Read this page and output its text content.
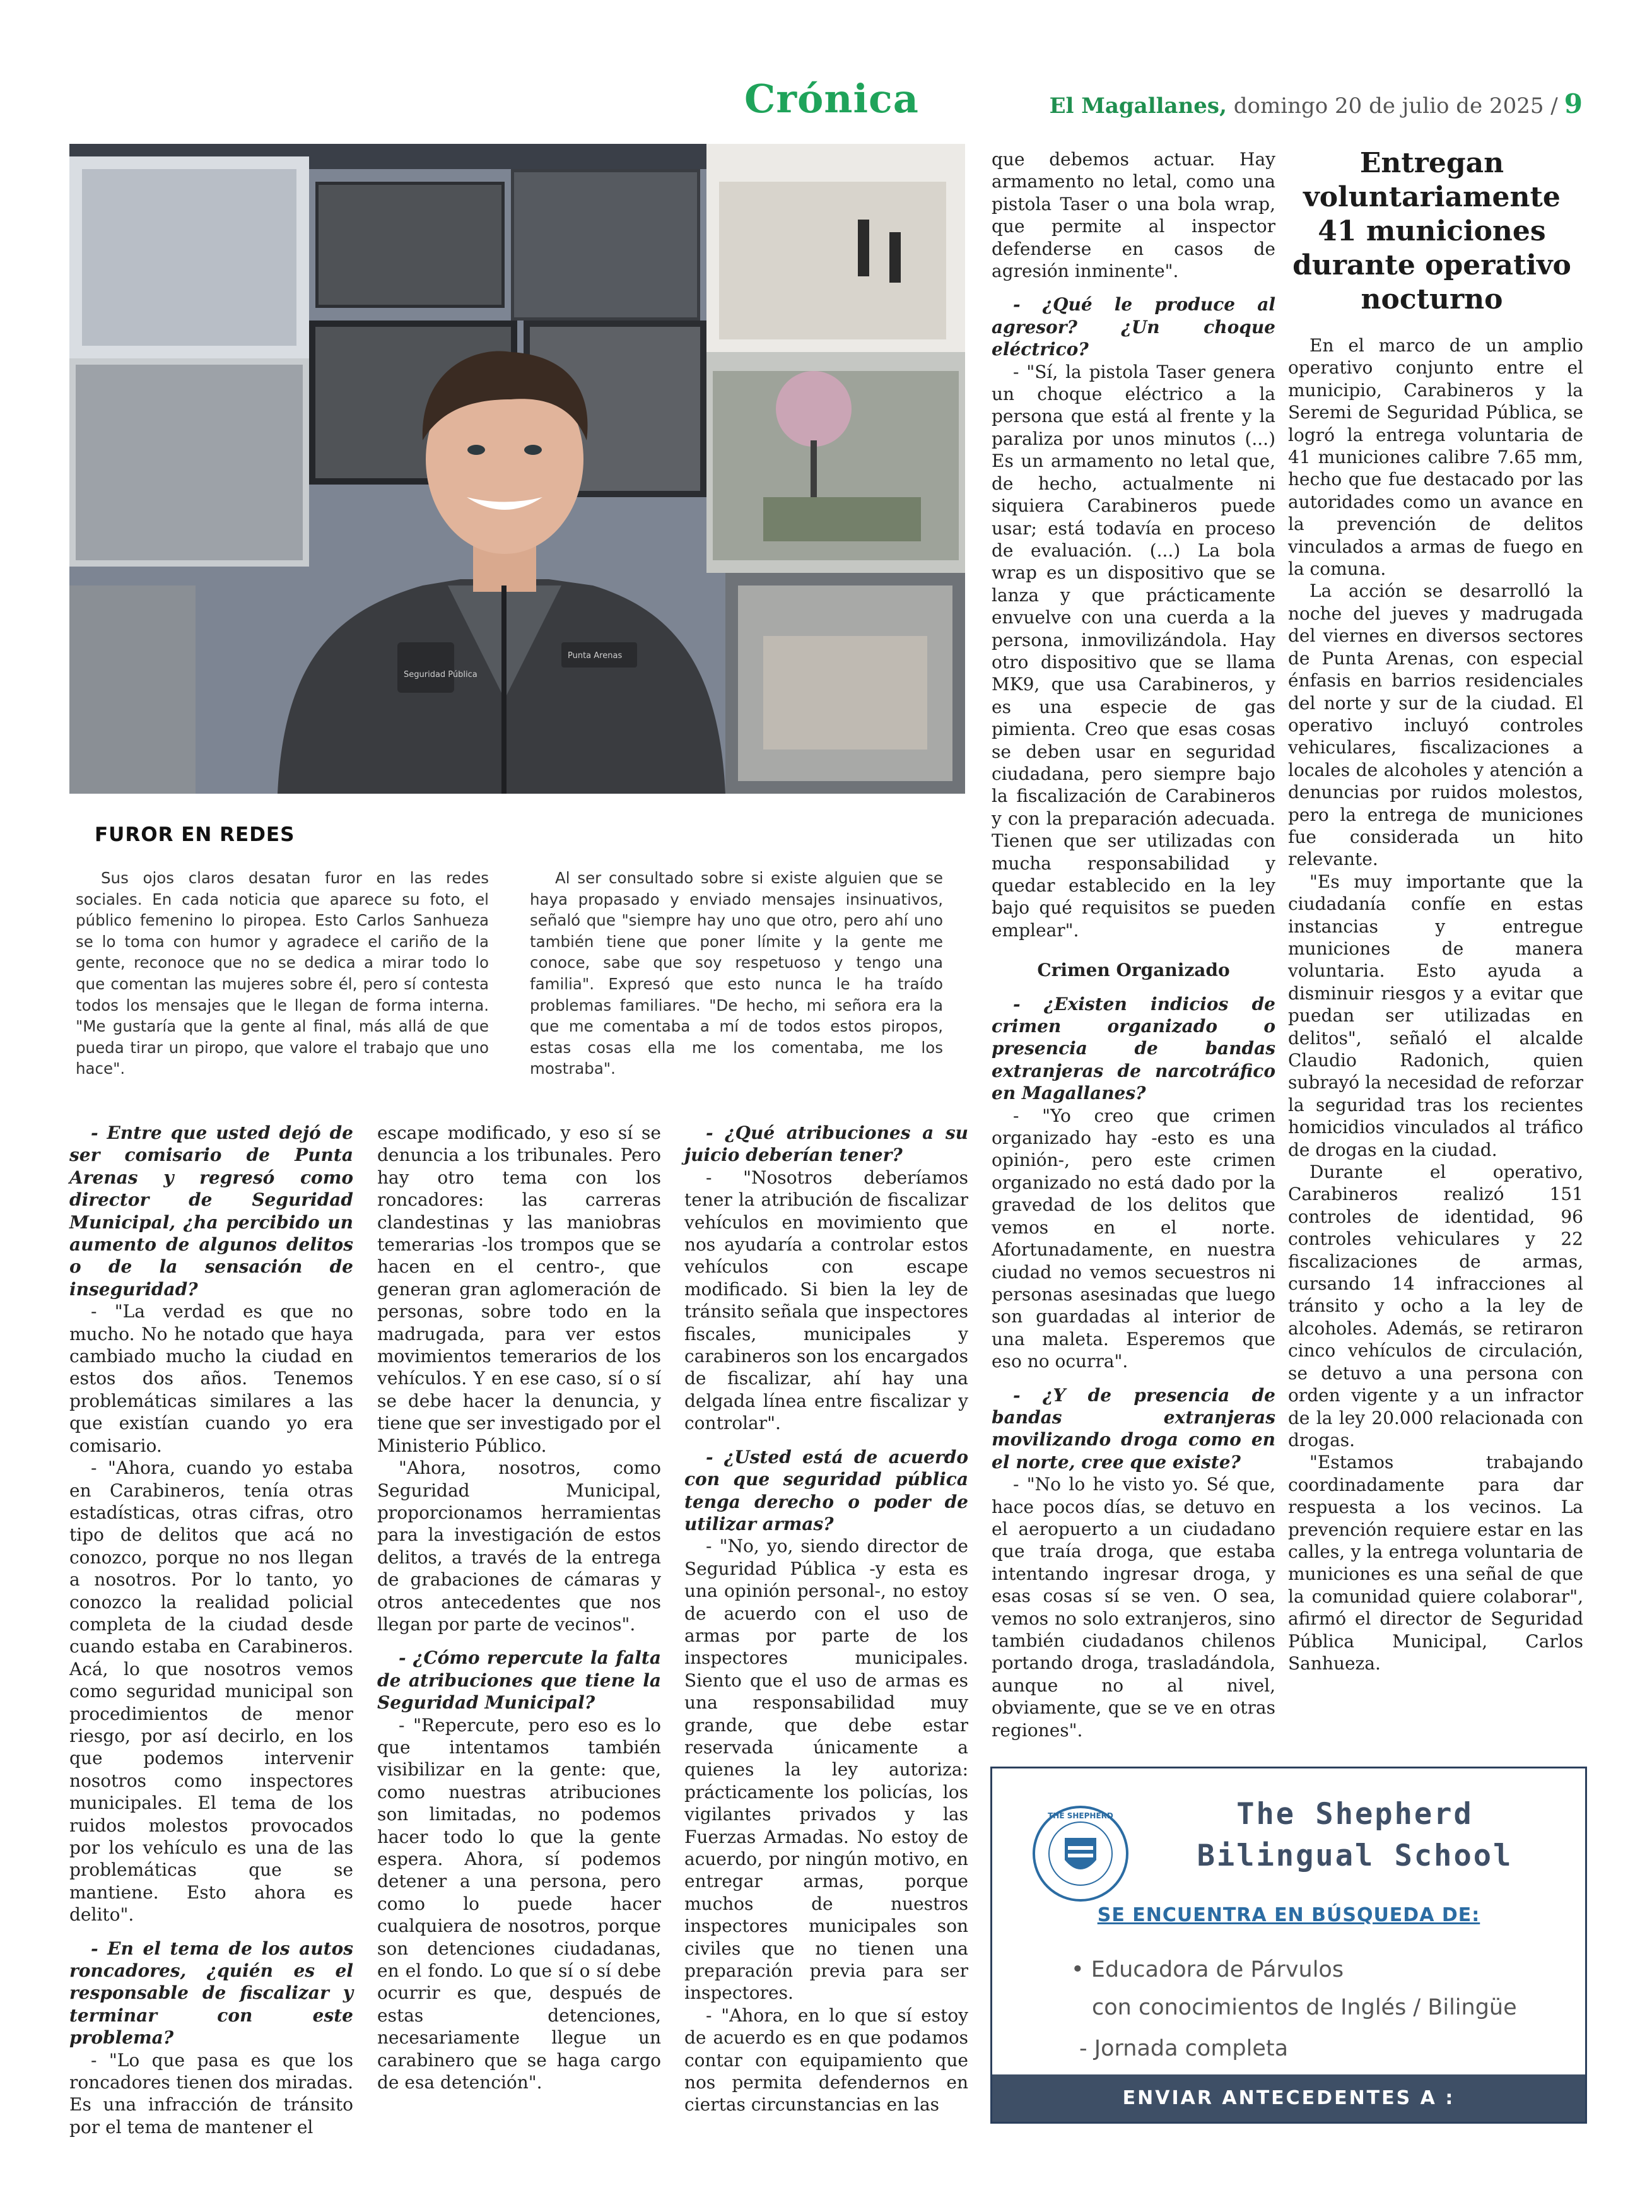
Crónica	El Magallanes, domingo 20 de julio de 2025 / 9
Seguridad Pública
Punta Arenas
FUROR EN REDES

Sus ojos claros desatan furor en las redes sociales. En cada noticia que aparece su foto, el público femenino lo piropea. Esto Carlos Sanhueza se lo toma con humor y agradece el cariño de la gente, reconoce que no se dedica a mirar todo lo que comentan las mujeres sobre él, pero sí contesta todos los mensajes que le llegan de forma interna. "Me gustaría que la gente al final, más allá de que pueda tirar un piropo, que valore el trabajo que uno hace".

Al ser consultado sobre si existe alguien que se haya propasado y enviado mensajes insinuativos, señaló que "siempre hay uno que otro, pero ahí uno también tiene que poner límite y la gente me conoce, sabe que soy respetuoso y tengo una familia". Expresó que esto nunca le ha traído problemas familiares. "De hecho, mi señora era la que me comentaba a mí de todos estos piropos, estas cosas ella me los comentaba, me los mostraba".

- Entre que usted dejó de ser comisario de Punta Arenas y regresó como director de Seguridad Municipal, ¿ha percibido un aumento de algunos delitos o de la sensación de inseguridad?

- "La verdad es que no mucho. No he notado que haya cambiado mucho la ciudad en estos dos años. Tenemos problemáticas similares a las que existían cuando yo era comisario.

- "Ahora, cuando yo estaba en Carabineros, tenía otras estadísticas, otras cifras, otro tipo de delitos que acá no conozco, porque no nos llegan a nosotros. Por lo tanto, yo conozco la realidad policial completa de la ciudad desde cuando estaba en Carabineros. Acá, lo que nosotros vemos como seguridad municipal son procedimientos de menor riesgo, por así decirlo, en los que podemos intervenir nosotros como inspectores municipales. El tema de los ruidos molestos provocados por los vehículo es una de las problemáticas que se mantiene. Esto ahora es delito".

- En el tema de los autos roncadores, ¿quién es el responsable de fiscalizar y terminar con este problema?

- "Lo que pasa es que los roncadores tienen dos miradas. Es una infracción de tránsito por el tema de mantener el

escape modificado, y eso sí se denuncia a los tribunales. Pero hay otro tema con los roncadores: las carreras clandestinas y las maniobras temerarias -los trompos que se hacen en el centro-, que generan gran aglomeración de personas, sobre todo en la madrugada, para ver estos movimientos temerarios de los vehículos. Y en ese caso, sí o sí se debe hacer la denuncia, y tiene que ser investigado por el Ministerio Público.

"Ahora, nosotros, como Seguridad Municipal, proporcionamos herramientas para la investigación de estos delitos, a través de la entrega de grabaciones de cámaras y otros antecedentes que nos llegan por parte de vecinos".

- ¿Cómo repercute la falta de atribuciones que tiene la Seguridad Municipal?

- "Repercute, pero eso es lo que intentamos también visibilizar en la gente: que, como nuestras atribuciones son limitadas, no podemos hacer todo lo que la gente espera. Ahora, sí podemos detener a una persona, pero como lo puede hacer cualquiera de nosotros, porque son detenciones ciudadanas, en el fondo. Lo que sí o sí debe ocurrir es que, después de estas detenciones, necesariamente llegue un carabinero que se haga cargo de esa detención".

- ¿Qué atribuciones a su juicio deberían tener?

- "Nosotros deberíamos tener la atribución de fiscalizar vehículos en movimiento que nos ayudaría a controlar estos vehículos con escape modificado. Si bien la ley de tránsito señala que inspectores fiscales, municipales y carabineros son los encargados de fiscalizar, ahí hay una delgada línea entre fiscalizar y controlar".

- ¿Usted está de acuerdo con que seguridad pública tenga derecho o poder de utilizar armas?

- "No, yo, siendo director de Seguridad Pública -y esta es una opinión personal-, no estoy de acuerdo con el uso de armas por parte de los inspectores municipales. Siento que el uso de armas es una responsabilidad muy grande, que debe estar reservada únicamente a quienes la ley autoriza: prácticamente los policías, los vigilantes privados y las Fuerzas Armadas. No estoy de acuerdo, por ningún motivo, en entregar armas, porque muchos de nuestros inspectores municipales son civiles que no tienen una preparación previa para ser inspectores.

- "Ahora, en lo que sí estoy de acuerdo es en que podamos contar con equipamiento que nos permita defendernos en ciertas circunstancias en las

que debemos actuar. Hay armamento no letal, como una pistola Taser o una bola wrap, que permite al inspector defenderse en casos de agresión inminente".

- ¿Qué le produce al agresor? ¿Un choque eléctrico?

- "Sí, la pistola Taser genera un choque eléctrico a la persona que está al frente y la paraliza por unos minutos (...) Es un armamento no letal que, de hecho, actualmente ni siquiera Carabineros puede usar; está todavía en proceso de evaluación. (...) La bola wrap es un dispositivo que se lanza y que prácticamente envuelve con una cuerda a la persona, inmovilizándola. Hay otro dispositivo que se llama MK9, que usa Carabineros, y es una especie de gas pimienta. Creo que esas cosas se deben usar en seguridad ciudadana, pero siempre bajo la fiscalización de Carabineros y con la preparación adecuada. Tienen que ser utilizadas con mucha responsabilidad y quedar establecido en la ley bajo qué requisitos se pueden emplear".

Crimen Organizado

- ¿Existen indicios de crimen organizado o presencia de bandas extranjeras de narcotráfico en Magallanes?

- "Yo creo que crimen organizado hay -esto es una opinión-, pero este crimen organizado no está dado por la gravedad de los delitos que vemos en el norte. Afortunadamente, en nuestra ciudad no vemos secuestros ni personas asesinadas que luego son guardadas al interior de una maleta. Esperemos que eso no ocurra".

- ¿Y de presencia de bandas extranjeras movilizando droga como en el norte, cree que existe?

- "No lo he visto yo. Sé que, hace pocos días, se detuvo en el aeropuerto a un ciudadano que traía droga, que estaba intentando ingresar droga, y esas cosas sí se ven. O sea, vemos no solo extranjeros, sino también ciudadanos chilenos portando droga, trasladándola, aunque no al nivel, obviamente, que se ve en otras regiones".

Entregan voluntariamente 41 municiones durante operativo nocturno

En el marco de un amplio operativo conjunto entre el municipio, Carabineros y la Seremi de Seguridad Pública, se logró la entrega voluntaria de 41 municiones calibre 7.65 mm, hecho que fue destacado por las autoridades como un avance en la prevención de delitos vinculados a armas de fuego en la comuna.

La acción se desarrolló la noche del jueves y madrugada del viernes en diversos sectores de Punta Arenas, con especial énfasis en barrios residenciales del norte y sur de la ciudad. El operativo incluyó controles vehiculares, fiscalizaciones a locales de alcoholes y atención a denuncias por ruidos molestos, pero la entrega de municiones fue considerada un hito relevante.

"Es muy importante que la ciudadanía confíe en estas instancias y entregue municiones de manera voluntaria. Esto ayuda a disminuir riesgos y a evitar que puedan ser utilizadas en delitos", señaló el alcalde Claudio Radonich, quien subrayó la necesidad de reforzar la seguridad tras los recientes homicidios vinculados al tráfico de drogas en la ciudad.

Durante el operativo, Carabineros realizó 151 controles de identidad, 96 controles vehiculares y 22 fiscalizaciones de armas, cursando 14 infracciones al tránsito y ocho a la ley de alcoholes. Además, se retiraron cinco vehículos de circulación, se detuvo a una persona con orden vigente y a un infractor de la ley 20.000 relacionada con drogas.

"Estamos trabajando coordinadamente para dar respuesta a los vecinos. La prevención requiere estar en las calles, y la entrega voluntaria de municiones es una señal de que la comunidad quiere colaborar", afirmó el director de Seguridad Pública Municipal, Carlos Sanhueza.

THE SHEPHERD	The Shepherd
Bilingual School
SE ENCUENTRA EN BÚSQUEDA DE:
• Educadora de Párvulos
con conocimientos de Inglés / Bilingüe
- Jornada completa
ENVIAR ANTECEDENTES A : PLAYTIME@PLAYTIMEPUQ.CL
